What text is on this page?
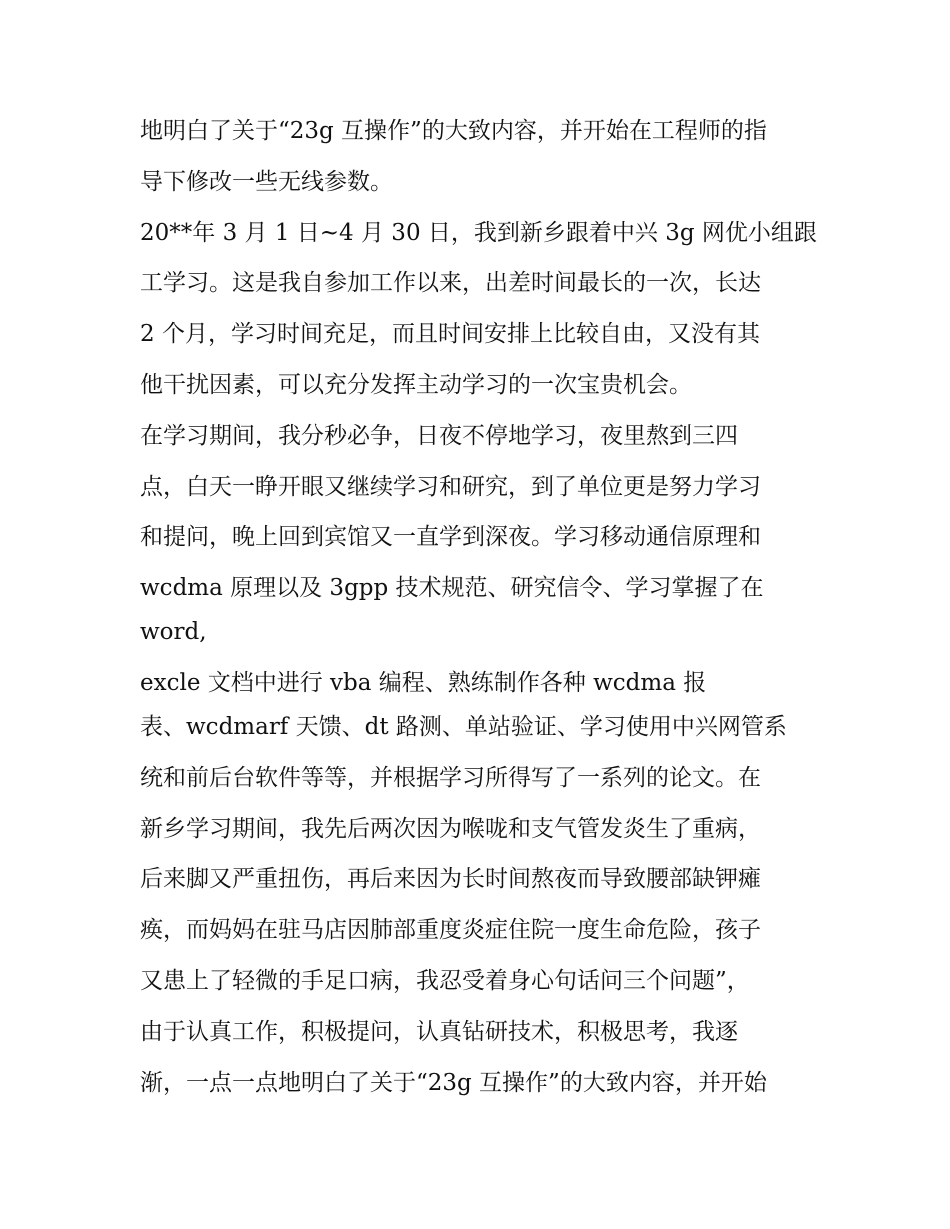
地明白了关于“23g 互操作”的大致内容，并开始在工程师的指
导下修改一些无线参数。
20**年 3 月 1 日~4 月 30 日，我到新乡跟着中兴 3g 网优小组跟
工学习。这是我自参加工作以来，出差时间最长的一次，长达
2 个月，学习时间充足，而且时间安排上比较自由，又没有其
他干扰因素，可以充分发挥主动学习的一次宝贵机会。
在学习期间，我分秒必争，日夜不停地学习，夜里熬到三四
点，白天一睁开眼又继续学习和研究，到了单位更是努力学习
和提问，晚上回到宾馆又一直学到深夜。学习移动通信原理和
wcdma 原理以及 3gpp 技术规范、研究信令、学习掌握了在
word,
excle 文档中进行 vba 编程、熟练制作各种 wcdma 报
表、wcdmarf 天馈、dt 路测、单站验证、学习使用中兴网管系
统和前后台软件等等，并根据学习所得写了一系列的论文。在
新乡学习期间，我先后两次因为喉咙和支气管发炎生了重病，
后来脚又严重扭伤，再后来因为长时间熬夜而导致腰部缺钾瘫
痪，而妈妈在驻马店因肺部重度炎症住院一度生命危险，孩子
又患上了轻微的手足口病，我忍受着身心句话问三个问题”，
由于认真工作，积极提问，认真钻研技术，积极思考，我逐
渐，一点一点地明白了关于“23g 互操作”的大致内容，并开始
